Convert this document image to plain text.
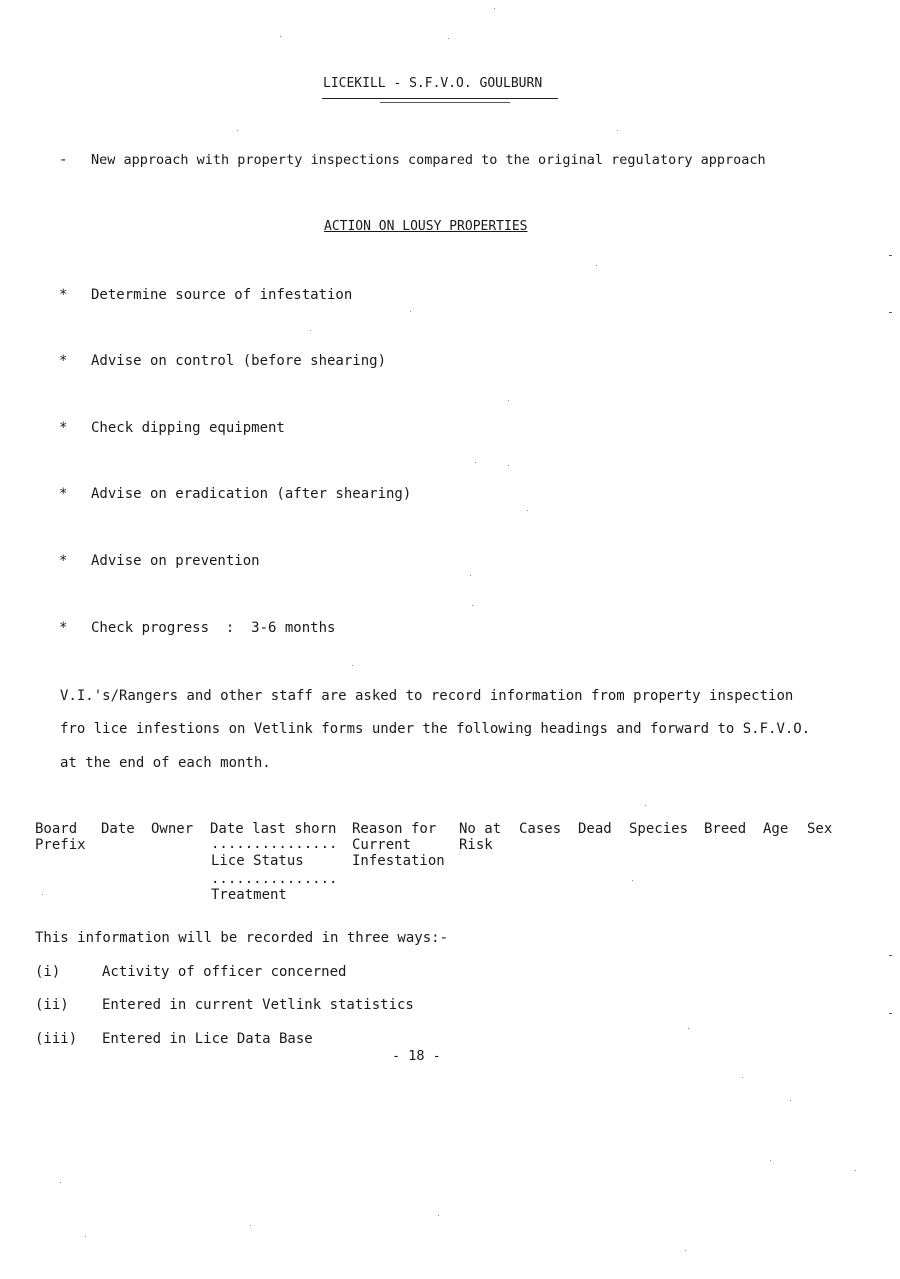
LICEKILL - S.F.V.O. GOULBURN
- New approach with property inspections compared to the original regulatory approach
ACTION ON LOUSY PROPERTIES
* Determine source of infestation
* Advise on control (before shearing)
* Check dipping equipment
* Advise on eradication (after shearing)
* Advise on prevention
* Check progress  :  3-6 months
V.I.'s/Rangers and other staff are asked to record information from property inspection
fro lice infestions on Vetlink forms under the following headings and forward to S.F.V.O.
at the end of each month.
Board
Prefix
Date Owner Date last shorn
...............
Lice Status
...............
Treatment
Reason for
Current
Infestation
No at
Risk
Cases Dead Species Breed Age Sex
This information will be recorded in three ways:-
(i)	Activity of officer concerned
(ii) Entered in current Vetlink statistics
(iii) Entered in Lice Data Base
- 18 -
